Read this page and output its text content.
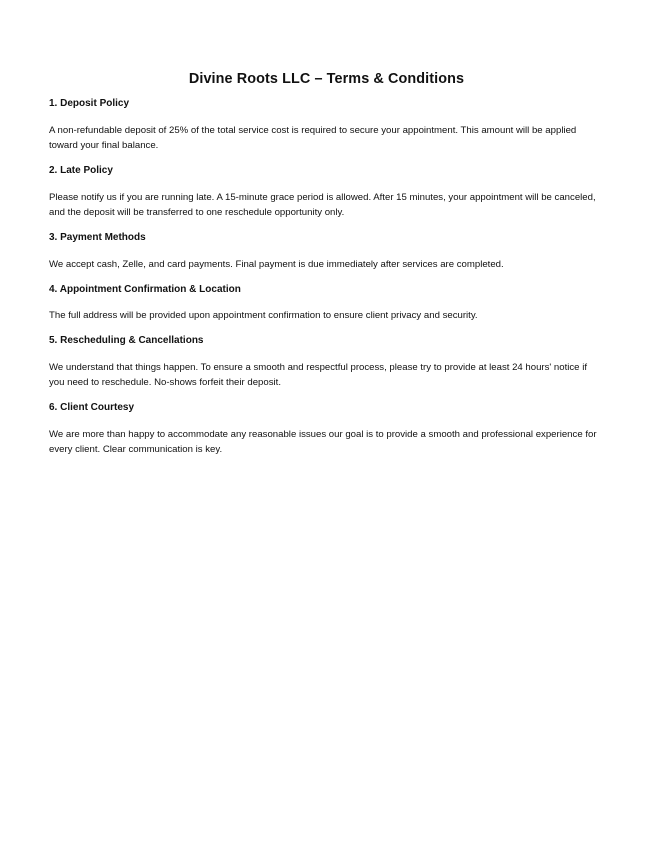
Divine Roots LLC – Terms & Conditions

1. Deposit Policy

A non-refundable deposit of 25% of the total service cost is required to secure your appointment. This amount will be applied toward your final balance.

2. Late Policy

Please notify us if you are running late. A 15-minute grace period is allowed. After 15 minutes, your appointment will be canceled, and the deposit will be transferred to one reschedule opportunity only.

3. Payment Methods

We accept cash, Zelle, and card payments. Final payment is due immediately after services are completed.

4. Appointment Confirmation & Location

The full address will be provided upon appointment confirmation to ensure client privacy and security.

5. Rescheduling & Cancellations

We understand that things happen. To ensure a smooth and respectful process, please try to provide at least 24 hours' notice if you need to reschedule. No-shows forfeit their deposit.

6. Client Courtesy

We are more than happy to accommodate any reasonable issues our goal is to provide a smooth and professional experience for every client. Clear communication is key.
